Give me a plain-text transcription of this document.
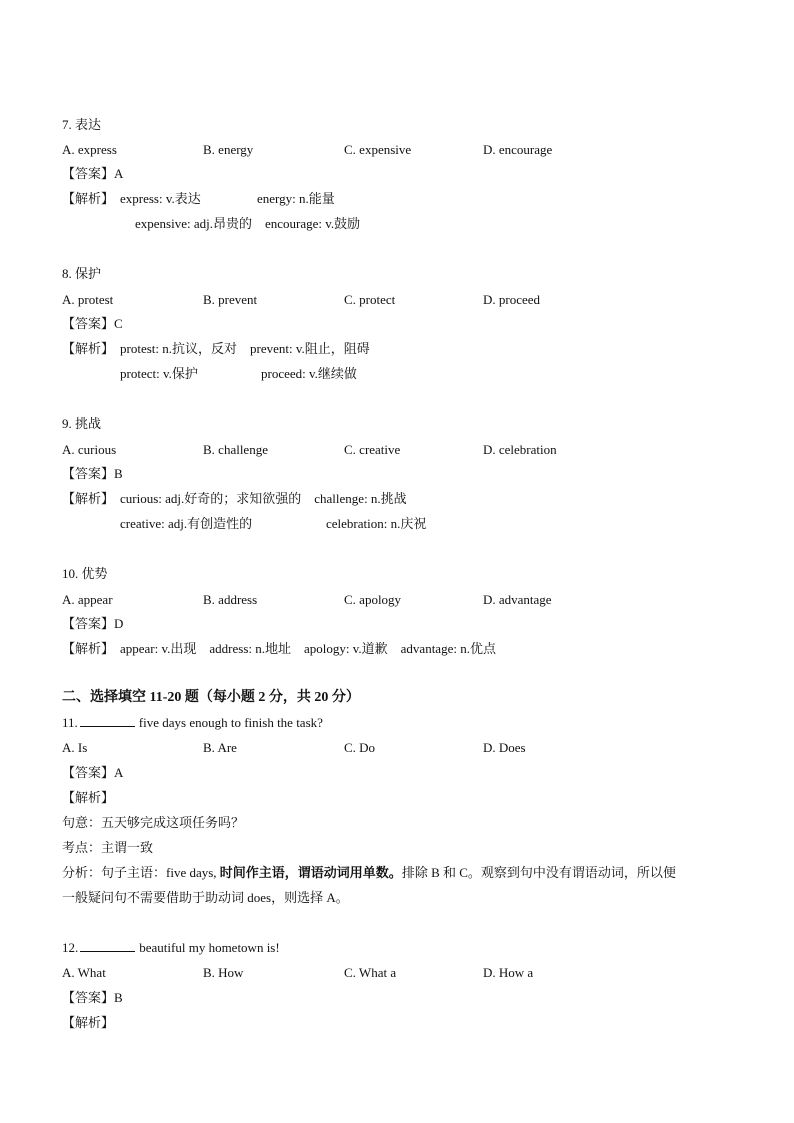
7. 表达
A. express	B. energy	C. expensive	D. encourage
【答案】A
【解析】 express: v.表达	energy: n.能量
expensive: adj.昂贵的    encourage: v.鼓励
8. 保护
A. protest	B. prevent	C. protect	D. proceed
【答案】C
【解析】 protest: n.抗议，反对    prevent: v.阻止，阻碍
protect: v.保护	proceed: v.继续做
9. 挑战
A. curious	B. challenge	C. creative	D. celebration
【答案】B
【解析】 curious: adj.好奇的；求知欲强的    challenge: n.挑战
creative: adj.有创造性的	celebration: n.庆祝
10. 优势
A. appear	B. address	C. apology	D. advantage
【答案】D
【解析】 appear: v.出现    address: n.地址    apology: v.道歉    advantage: n.优点
二、选择填空 11-20 题（每小题 2 分，共 20 分）
11.	five days enough to finish the task?
A. Is	B. Are	C. Do	D. Does
【答案】A
【解析】
句意：五天够完成这项任务吗？
考点：主谓一致
分析：句子主语：five days, 时间作主语，谓语动词用单数。排除 B 和 C。观察到句中没有谓语动词，所以便
一般疑问句不需要借助于助动词 does，则选择 A。
12.	beautiful my hometown is!
A. What	B. How	C. What a	D. How a
【答案】B
【解析】
